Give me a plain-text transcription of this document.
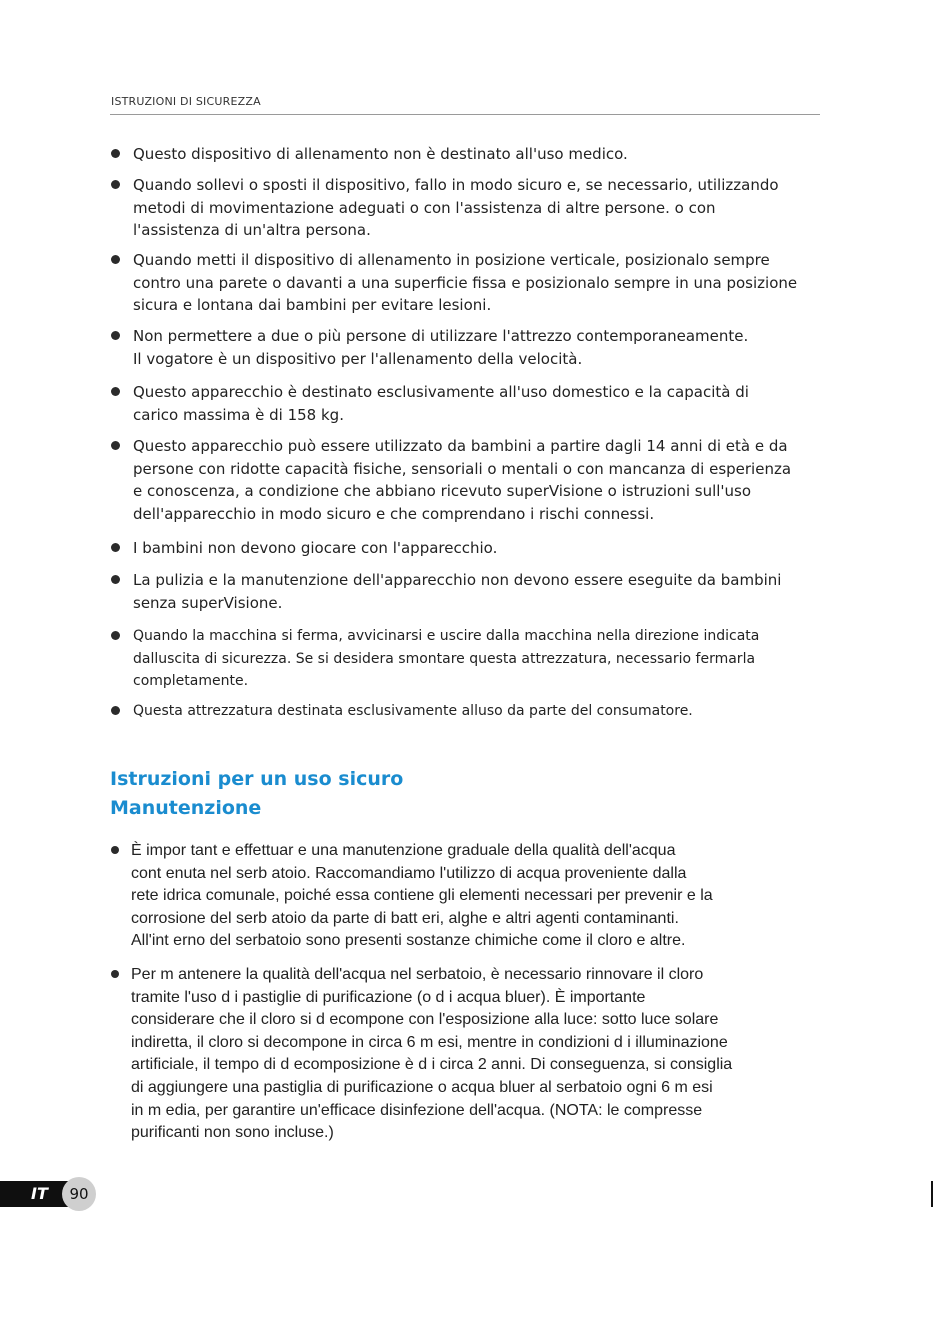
ISTRUZIONI DI SICUREZZA
Questo dispositivo di allenamento non è destinato all'uso medico.
Quando sollevi o sposti il dispositivo, fallo in modo sicuro e, se necessario, utilizzando
metodi di movimentazione adeguati o con l'assistenza di altre persone. o con
l'assistenza di un'altra persona.
Quando metti il dispositivo di allenamento in posizione verticale, posizionalo sempre
contro una parete o davanti a una superficie fissa e posizionalo sempre in una posizione
sicura e lontana dai bambini per evitare lesioni.
Non permettere a due o più persone di utilizzare l'attrezzo contemporaneamente.
Il vogatore è un dispositivo per l'allenamento della velocità.
Questo apparecchio è destinato esclusivamente all'uso domestico e la capacità di
carico massima è di 158 kg.
Questo apparecchio può essere utilizzato da bambini a partire dagli 14 anni di età e da
persone con ridotte capacità fisiche, sensoriali o mentali o con mancanza di esperienza
e conoscenza, a condizione che abbiano ricevuto superVisione o istruzioni sull'uso
dell'apparecchio in modo sicuro e che comprendano i rischi connessi.
I bambini non devono giocare con l'apparecchio.
La pulizia e la manutenzione dell'apparecchio non devono essere eseguite da bambini
senza superVisione.
Quando la macchina si ferma, avvicinarsi e uscire dalla macchina nella direzione indicata
dalluscita di sicurezza. Se si desidera smontare questa attrezzatura, necessario fermarla
completamente.
Questa attrezzatura destinata esclusivamente alluso da parte del consumatore.
Istruzioni per un uso sicuro
Manutenzione
È impor tant e effettuar e una manutenzione graduale della qualità dell'acqua
cont enuta nel serb atoio. Raccomandiamo l'utilizzo di acqua proveniente dalla
rete idrica comunale, poiché essa contiene gli elementi necessari per prevenir e la
corrosione del serb atoio da parte di batt eri, alghe e altri agenti contaminanti.
All'int erno del serbatoio sono presenti sostanze chimiche come il cloro e altre.
Per m antenere la qualità dell'acqua nel serbatoio, è necessario rinnovare il cloro
tramite l'uso d i pastiglie di purificazione (o d i acqua bluer). È importante
considerare che il cloro si d ecompone con l'esposizione alla luce: sotto luce solare
indiretta, il cloro si decompone in circa 6 m esi, mentre in condizioni d i illuminazione
artificiale, il tempo di d ecomposizione è d i circa 2 anni. Di conseguenza, si consiglia
di aggiungere una pastiglia di purificazione o acqua bluer al serbatoio ogni 6 m esi
in m edia, per garantire un'efficace disinfezione dell'acqua. (NOTA: le compresse
purificanti non sono incluse.)
IT	90
